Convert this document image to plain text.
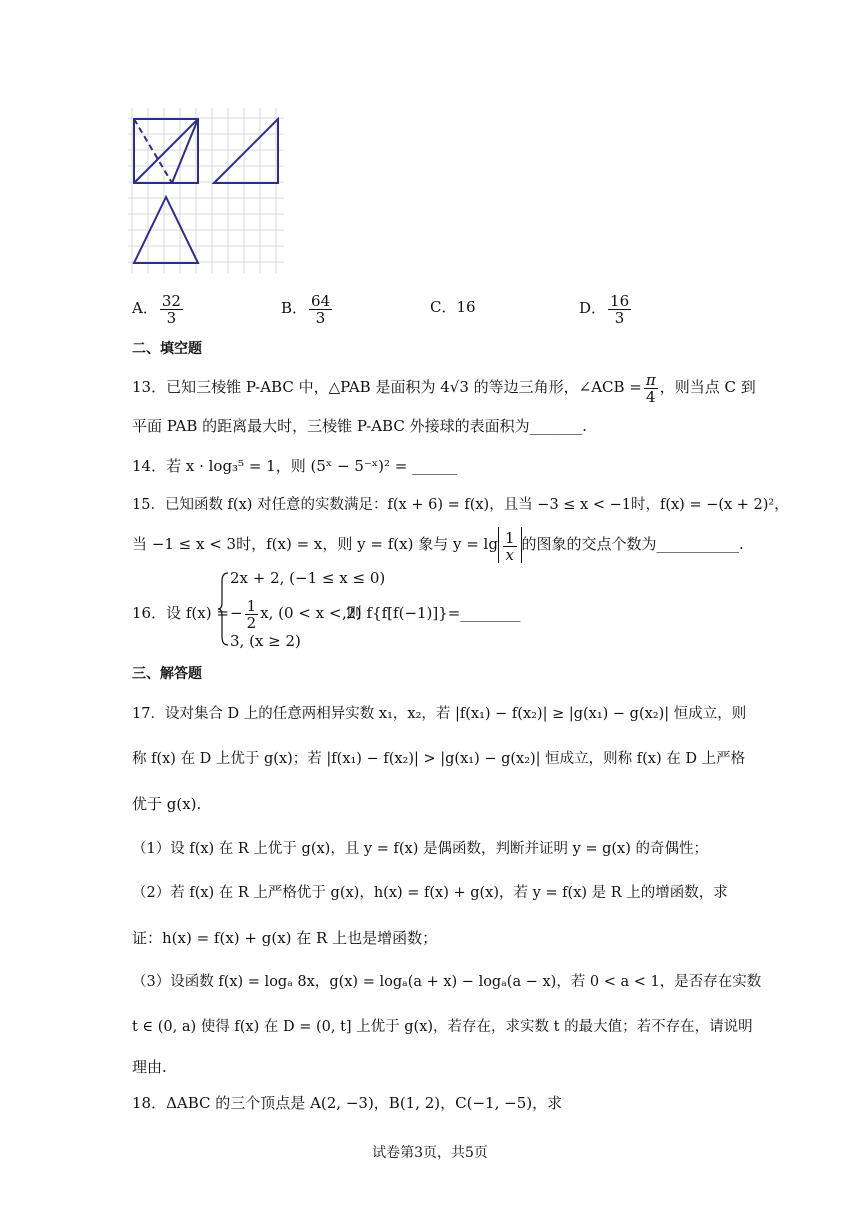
A． $\frac{32}{3}$	B． $\frac{64}{3}$	C．16	D． $\frac{16}{3}$
二、填空题
13．已知三棱锥 P-ABC 中，△PAB 是面积为 4√3 的等边三角形，∠ACB = $\frac{\pi}{4}$ ，则当点 C 到
平面 PAB 的距离最大时，三棱锥 P-ABC 外接球的表面积为_______.
14．若 x · log₃⁵ = 1，则 (5ˣ − 5⁻ˣ)² = ______
15．已知函数 f(x) 对任意的实数满足：f(x + 6) = f(x)，且当 −3 ≤ x < −1时，f(x) = −(x + 2)²，
当 −1 ≤ x < 3时，f(x) = x，则 y = f(x) 象与 $y = \lg \frac{1}{x}$ 的图象的交点个数为___________.
16．设 f(x) =
2x + 2, (−1 ≤ x ≤ 0)
− $\frac{1}{2} x$, (0 < x < 2)
3, (x ≥ 2)
,则 f{f[f(−1)]}=________
三、解答题
17．设对集合 D 上的任意两相异实数 x₁，x₂，若 |f(x₁) − f(x₂)| ≥ |g(x₁) − g(x₂)| 恒成立，则
称 f(x) 在 D 上优于 g(x)；若 |f(x₁) − f(x₂)| > |g(x₁) − g(x₂)| 恒成立，则称 f(x) 在 D 上严格
优于 g(x).
（1）设 f(x) 在 R 上优于 g(x)，且 y = f(x) 是偶函数，判断并证明 y = g(x) 的奇偶性；
（2）若 f(x) 在 R 上严格优于 g(x)，h(x) = f(x) + g(x)，若 y = f(x) 是 R 上的增函数，求
证：h(x) = f(x) + g(x) 在 R 上也是增函数；
（3）设函数 f(x) = logₐ 8x，g(x) = logₐ(a + x) − logₐ(a − x)，若 0 < a < 1，是否存在实数
t ∈ (0, a) 使得 f(x) 在 D = (0, t] 上优于 g(x)，若存在，求实数 t 的最大值；若不存在，请说明
理由.
18．ΔABC 的三个顶点是 A(2, −3)，B(1, 2)，C(−1, −5)，求
试卷第3页，共5页
